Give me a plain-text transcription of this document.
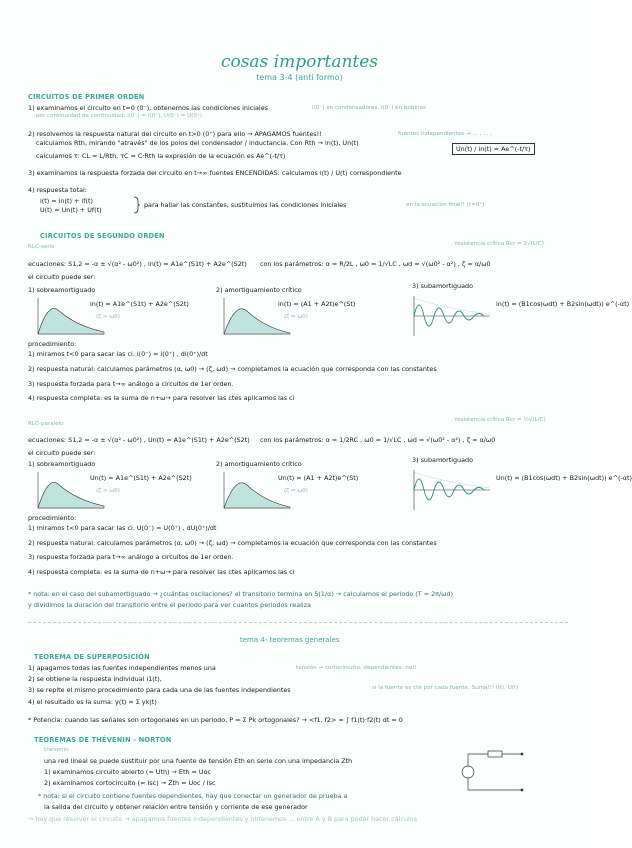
cosas importantes
tema 3-4 (anti formo)
CIRCUITOS DE PRIMER ORDEN
1) examinamos el circuito en t=0 (0⁻), obtenemos las condiciones iniciales	i(0⁻) en condensadores, i(0⁻) en bobinas
por continuidad de continuidad: i(0⁻) = i(0⁺), U(0⁻) = U(0⁺)
2) resolvemos la respuesta natural del circuito en t>0 (0⁺) para ello → APAGAMOS fuentes!!	fuentes independientes → ... , ... ,
calculamos Rth, mirando "através" de los polos del condensador / inductancia. Con Rth → in(t), Un(t)
calculamos τ: CL = L/Rth, τC = C·Rth la expresión de la ecuación es Ae^(-t/τ)
Un(t) / in(t) = Ae^(-t/τ)
3) examinamos la respuesta forzada del circuito en t→∞ fuentes ENCENDIDAS: calculamos i(t) / U(t) correspondiente
4) respuesta total:
i(t) = in(t) + if(t)
U(t) = Un(t) + Uf(t)
para hallar las constantes, sustituimos las condiciones iniciales	en la ecuación final!! (t=0⁺)
CIRCUITOS DE SEGUNDO ORDEN
RLC-serie	resistencia crítica Rcr = 2√(L/C)
ecuaciones: S1,2 = -α ± √(α² - ω0²) , in(t) = A1e^(S1t) + A2e^(S2t) con los parámetros: α = R/2L , ω0 = 1/√LC , ωd = √(ω0² - α²) , ζ = α/ω0
el circuito puede ser:
1) sobreamortiguado	2) amortiguamiento crítico	3) subamortiguado
in(t) = A1e^(S1t) + A2e^(S2t)
(ζ > ω0)
in(t) = (A1 + A2t)e^(St)
(ζ = ω0)
in(t) = (B1cos(ωdt) + B2sin(ωdt)) e^(-αt)
procedimiento:
1) miramos t<0 para sacar las ci. i(0⁻) = i(0⁺) , di(0⁺)/dt
2) respuesta natural: calculamos parámetros (α, ω0) → (ζ, ωd) → completamos la ecuación que corresponda con las constantes
3) respuesta forzada para t→∞ análogo a circuitos de 1er orden.
4) respuesta completa: es la suma de n+ω→ para resolver las ctes aplicamos las ci
RLC-paralelo
resistencia crítica Rcr = ½√(L/C)
ecuaciones: S1,2 = -α ± √(α² - ω0²) , Un(t) = A1e^(S1t) + A2e^(S2t) con los parámetros: α = 1/2RC , ω0 = 1/√LC , ωd = √(ω0² - α²) , ζ = α/ω0
el circuito puede ser:
1) sobreamortiguado	2) amortiguamiento crítico	3) subamortiguado
Un(t) = A1e^(S1t) + A2e^(S2t)
(ζ > ω0)
Un(t) = (A1 + A2t)e^(St)
(ζ = ω0)
Un(t) = (B1cos(ωdt) + B2sin(ωdt)) e^(-αt)
procedimiento:
1) miramos t<0 para sacar las ci. U(0⁻) = U(0⁺) , dU(0⁺)/dt
2) respuesta natural: calculamos parámetros (α, ω0) → (ζ, ωd) → completamos la ecuación que corresponda con las constantes
3) respuesta forzada para t→∞ análogo a circuitos de 1er orden.
4) respuesta completa: es la suma de n+ω→ para resolver las ctes aplicamos las ci
* nota: en el caso del subamortiguado → ¿cuántas oscilaciones? el transitorio termina en 5(1/α) → calculamos el periodo (T = 2π/ωd)
y dividimos la duración del transitorio entre el periodo para ver cuantos periodos realiza
tema 4- teoremas generales
TEOREMA DE SUPERPOSICIÓN
1) apagamos todas las fuentes independientes menos una	tensión → cortocircuito, dependientes: no!!
2) se obtiene la respuesta individual i1(t),
3) se repite el mismo procedimiento para cada una de las fuentes independientes	si la fuente es cte por cada fuente. Suma!!! i(t), U(t)
4) el resultado es la suma: y(t) = Σ yk(t)
* Potencia: cuando las señales son ortogonales en un periodo, P = Σ Pk ortogonales? → <f1, f2> = ∫ f1(t)·f2(t) dt = 0
TEOREMAS DE THÉVENIN - NORTON
thevenin
una red lineal se puede sustituir por una fuente de tensión Eth en serie con una impedancia Zth
1) examinamos circuito abierto (= Uth) → Eth = Uoc
2) examinamos cortocircuito (= Isc) → Zth = Uoc / Isc
* nota: si el circuito contiene fuentes dependientes, hay que conectar un generador de prueba a
la salida del circuito y obtener relación entre tensión y corriente de ese generador
→ hay que resolver el circuito → apagamos fuentes independientes y obtenemos ... entre A y B para poder hacer cálculos
